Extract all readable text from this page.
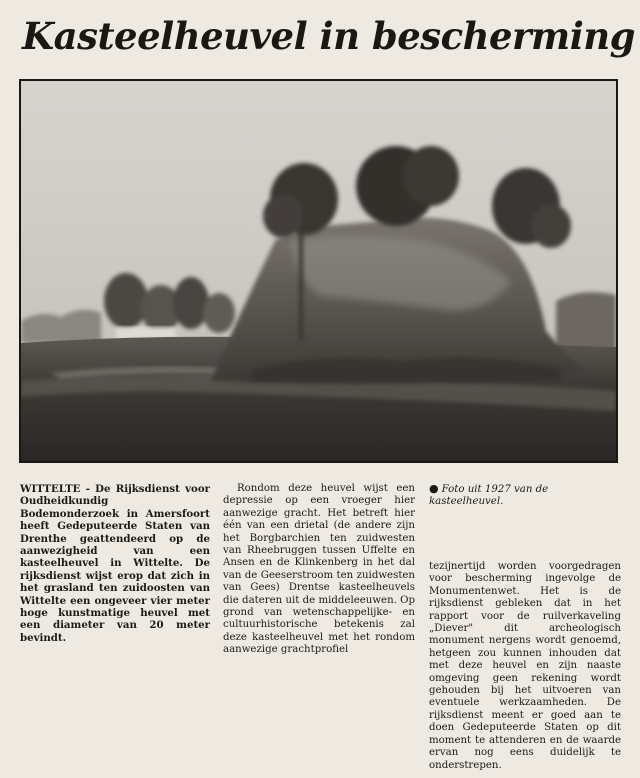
Kasteelheuvel in bescherming

WITTELTE - De Rijksdienst voor Oudheidkundig Bodemonderzoek in Amersfoort heeft Gedeputeerde Staten van Drenthe geattendeerd op de aanwezigheid van een kasteelheuvel in Wittelte. De rijksdienst wijst erop dat zich in het grasland ten zuidoosten van Wittelte een ongeveer vier meter hoge kunstmatige heuvel met een diameter van 20 meter bevindt.

Rondom deze heuvel wijst een depressie op een vroeger hier aanwezige gracht. Het betreft hier één van een drietal (de andere zijn het Borgbarchien ten zuidwesten van Rheebruggen tussen Uffelte en Ansen en de Klinkenberg in het dal van de Geeserstroom ten zuidwesten van Gees) Drentse kasteelheuvels die dateren uit de middeleeuwen. Op grond van wetenschappelijke- en cultuurhistorische betekenis zal deze kasteelheuvel met het rondom aanwezige grachtprofiel

● Foto uit 1927 van de kasteelheuvel.

tezijnertijd worden voorgedragen voor bescherming ingevolge de Monumentenwet. Het is de rijksdienst gebleken dat in het rapport voor de ruilverkaveling „Diever" dit archeologisch monument nergens wordt genoemd, hetgeen zou kunnen inhouden dat met deze heuvel en zijn naaste omgeving geen rekening wordt gehouden bij het uitvoeren van eventuele werkzaamheden. De rijksdienst meent er goed aan te doen Gedeputeerde Staten op dit moment te attenderen en de waarde ervan nog eens duidelijk te onderstrepen.
